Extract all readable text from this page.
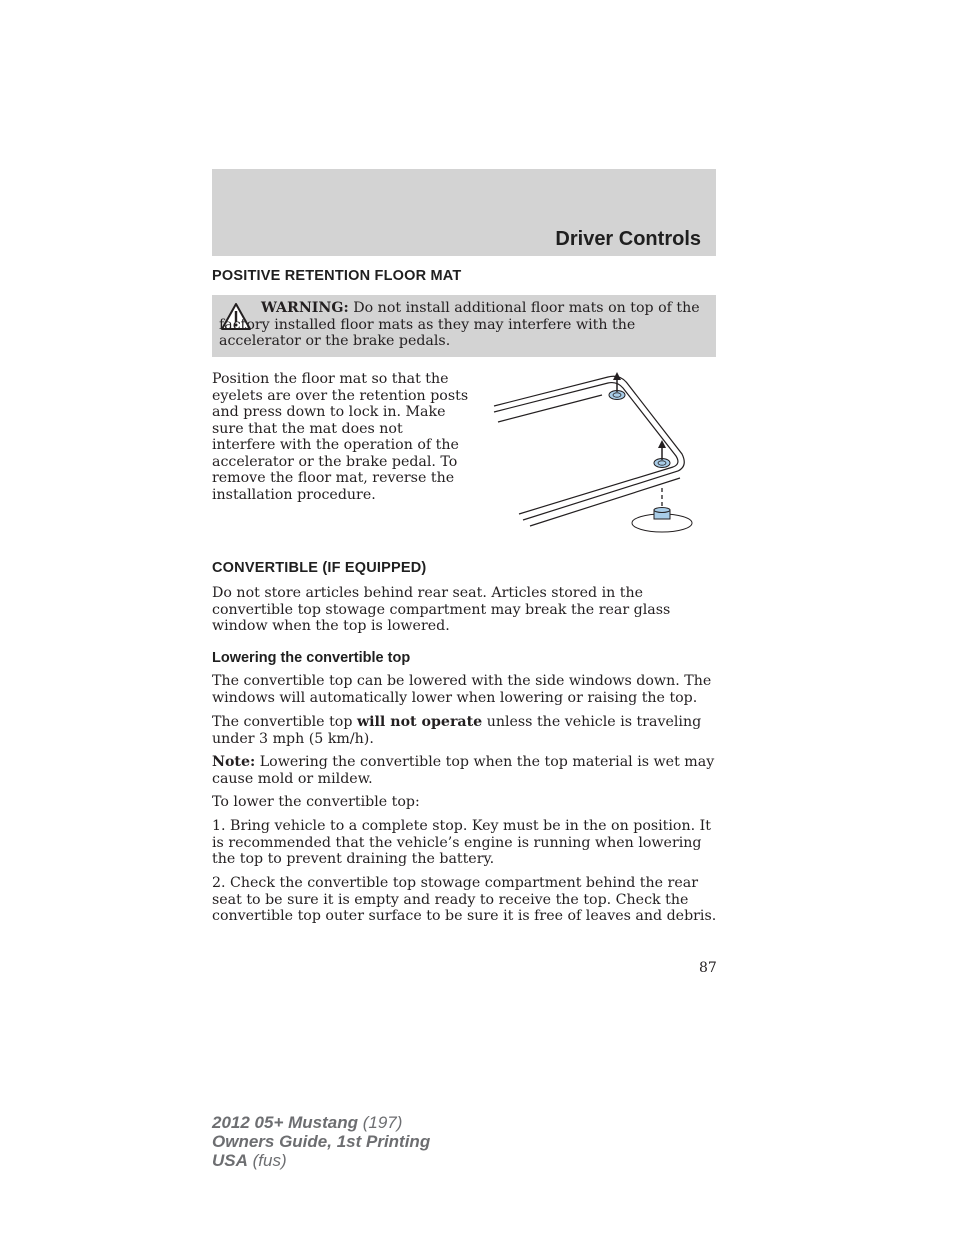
Driver Controls
POSITIVE RETENTION FLOOR MAT
WARNING: Do not install additional floor mats on top of the factory installed floor mats as they may interfere with the accelerator or the brake pedals.
Position the floor mat so that the eyelets are over the retention posts and press down to lock in. Make sure that the mat does not interfere with the operation of the accelerator or the brake pedal. To remove the floor mat, reverse the installation procedure.
CONVERTIBLE (IF EQUIPPED)
Do not store articles behind rear seat. Articles stored in the convertible top stowage compartment may break the rear glass window when the top is lowered.
Lowering the convertible top
The convertible top can be lowered with the side windows down. The windows will automatically lower when lowering or raising the top.
The convertible top will not operate unless the vehicle is traveling under 3 mph (5 km/h).
Note: Lowering the convertible top when the top material is wet may cause mold or mildew.
To lower the convertible top:
1. Bring vehicle to a complete stop. Key must be in the on position. It is recommended that the vehicle’s engine is running when lowering the top to prevent draining the battery.
2. Check the convertible top stowage compartment behind the rear seat to be sure it is empty and ready to receive the top. Check the convertible top outer surface to be sure it is free of leaves and debris.
87
2012 05+ Mustang (197)
Owners Guide, 1st Printing
USA (fus)
